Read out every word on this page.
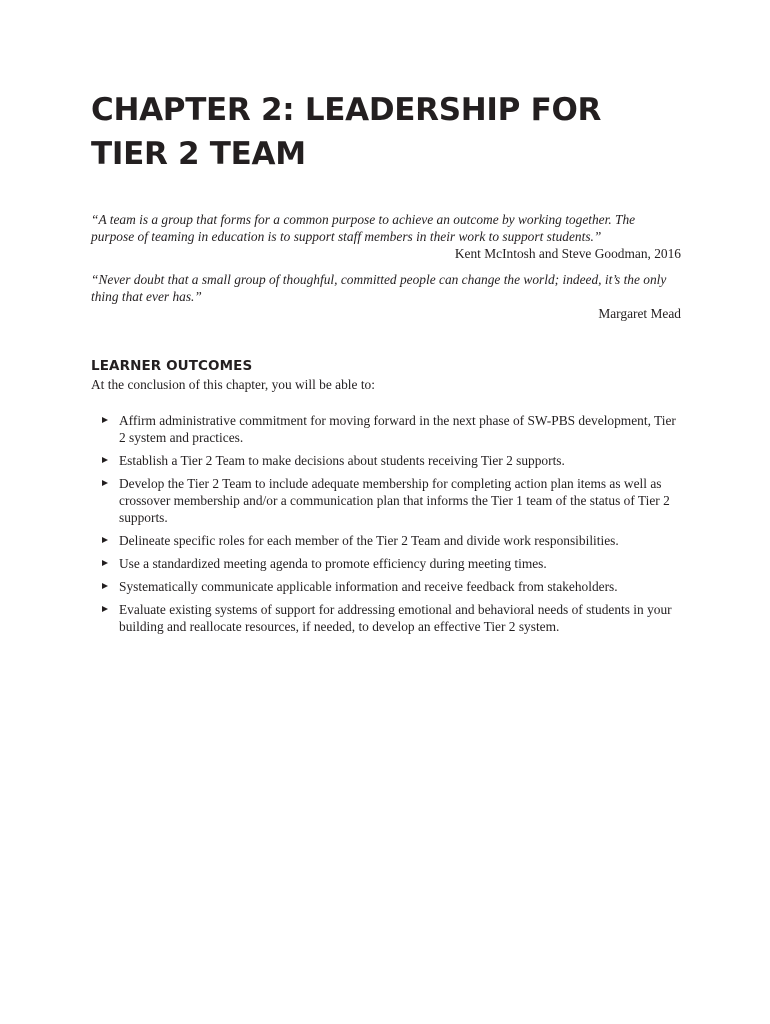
CHAPTER 2: LEADERSHIP FOR
TIER 2 TEAM

“A team is a group that forms for a common purpose to achieve an outcome by working together. The purpose of teaming in education is to support staff members in their work to support students.”

Kent McIntosh and Steve Goodman, 2016

“Never doubt that a small group of thoughful, committed people can change the world; indeed, it’s the only thing that ever has.”

Margaret Mead

LEARNER OUTCOMES

At the conclusion of this chapter, you will be able to:

Affirm administrative commitment for moving forward in the next phase of SW-PBS development, Tier 2 system and practices.
Establish a Tier 2 Team to make decisions about students receiving Tier 2 supports.
Develop the Tier 2 Team to include adequate membership for completing action plan items as well as crossover membership and/or a communication plan that informs the Tier 1 team of the status of Tier 2 supports.
Delineate specific roles for each member of the Tier 2 Team and divide work responsibilities.
Use a standardized meeting agenda to promote efficiency during meeting times.
Systematically communicate applicable information and receive feedback from stakeholders.
Evaluate existing systems of support for addressing emotional and behavioral needs of students in your building and reallocate resources, if needed, to develop an effective Tier 2 system.
